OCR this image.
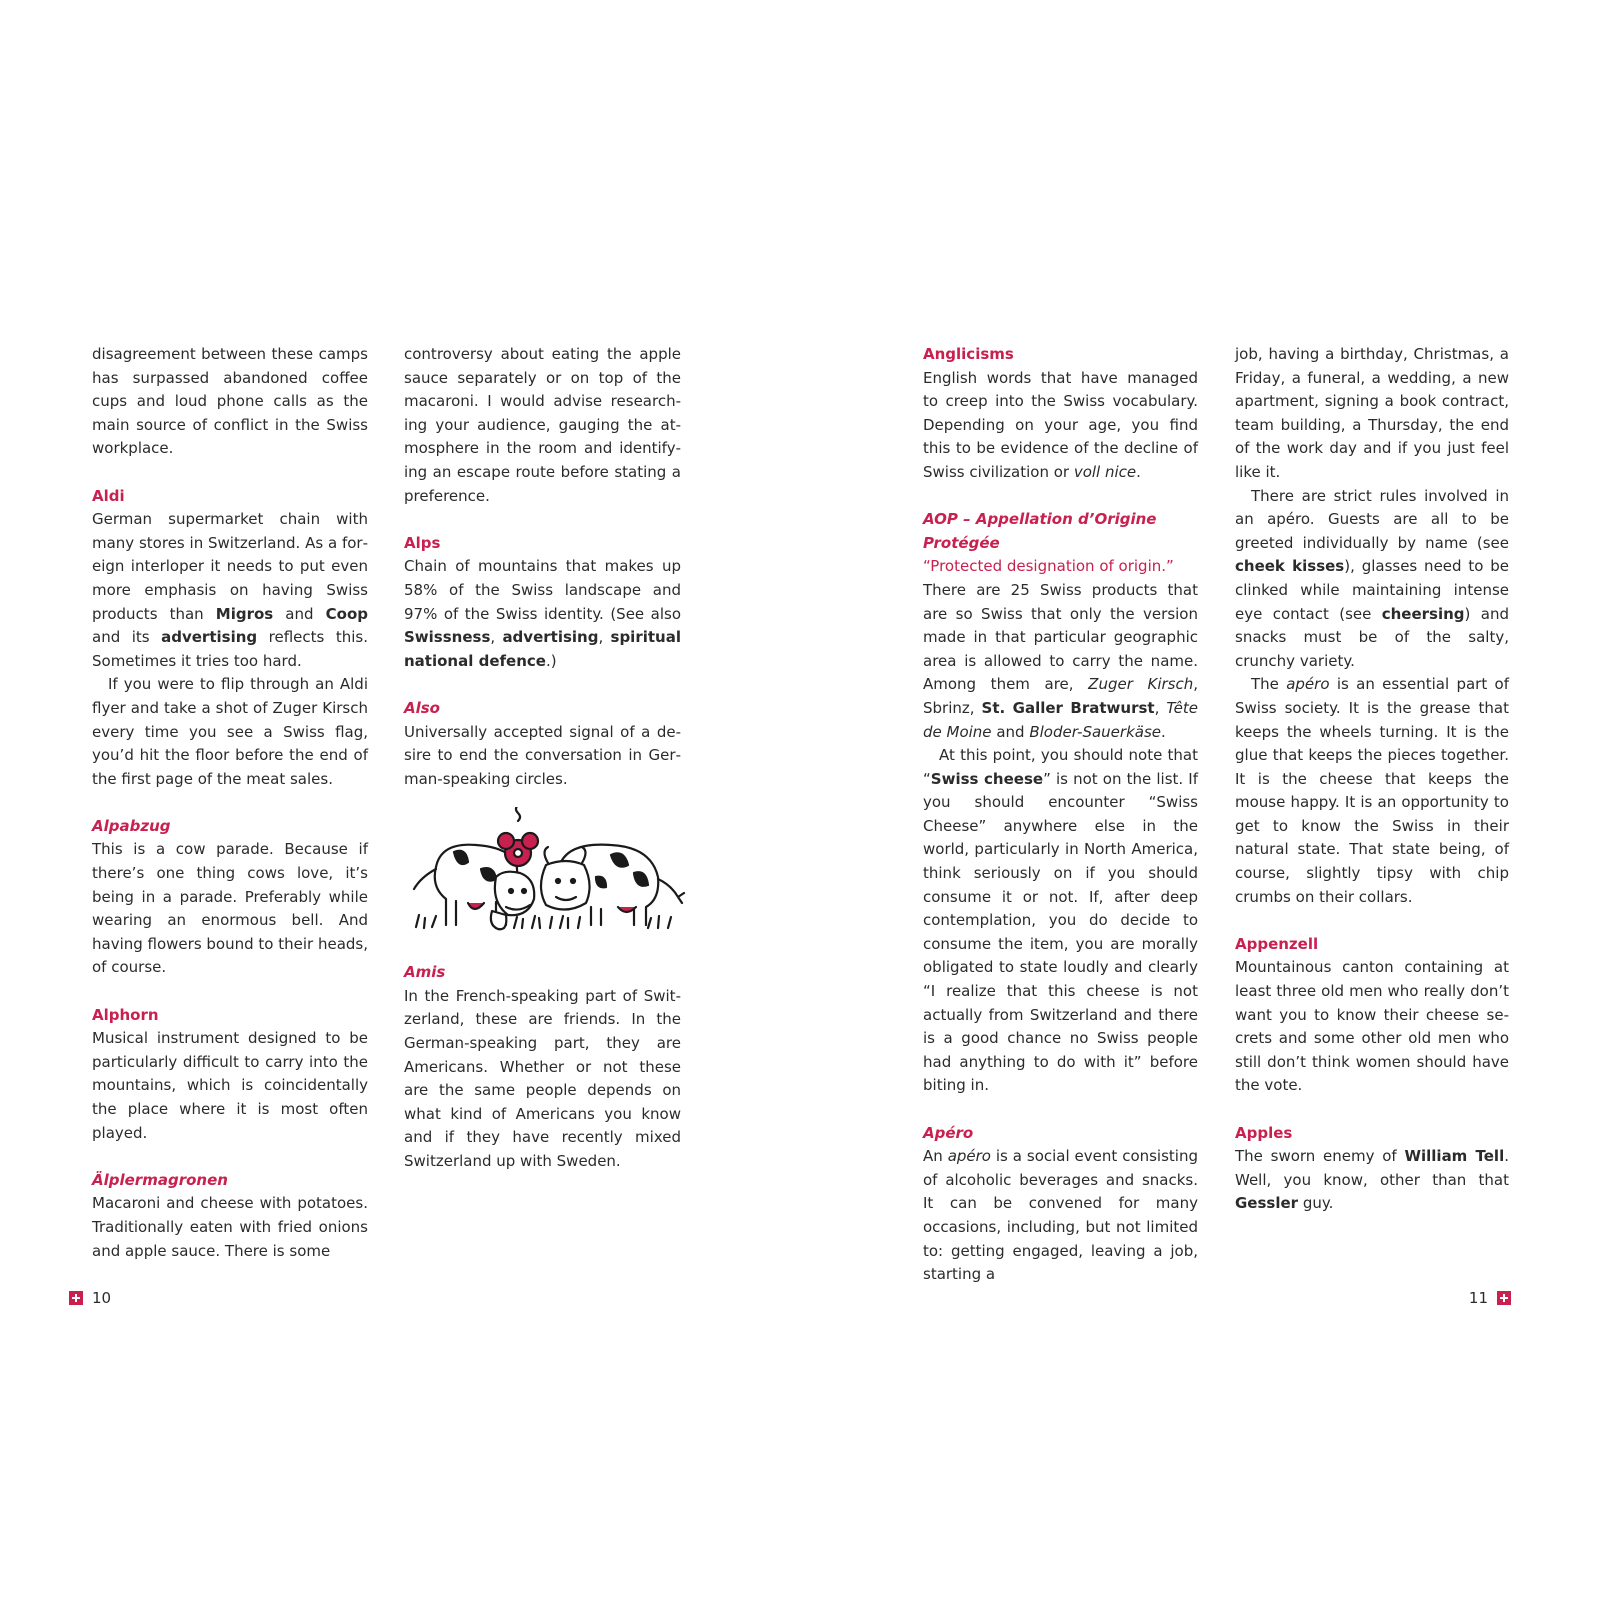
disagreement between these camps has surpassed abandoned coffee cups and loud phone calls as the main source of conflict in the Swiss workplace.

Aldi

German supermarket chain with many stores in Switzerland. As a foreign interloper it needs to put even more emphasis on having Swiss products than Migros and Coop and its advertising reflects this. Sometimes it tries too hard.

If you were to flip through an Aldi flyer and take a shot of Zuger Kirsch every time you see a Swiss flag, you’d hit the floor before the end of the first page of the meat sales.

Alpabzug

This is a cow parade. Because if there’s one thing cows love, it’s being in a parade. Preferably while wearing an enormous bell. And having flowers bound to their heads, of course.

Alphorn

Musical instrument designed to be particularly difficult to carry into the mountains, which is coincidentally the place where it is most often played.

Älplermagronen

Macaroni and cheese with potatoes. Traditionally eaten with fried onions and apple sauce. There is some

controversy about eating the apple sauce separately or on top of the macaroni. I would advise researching your audience, gauging the atmosphere in the room and identifying an escape route before stating a preference.

Alps

Chain of mountains that makes up 58% of the Swiss landscape and 97% of the Swiss identity. (See also Swissness, advertising, spiritual national defence.)

Also

Universally accepted signal of a desire to end the conversation in German-speaking circles.

Amis

In the French-speaking part of Switzerland, these are friends. In the German-speaking part, they are Americans. Whether or not these are the same people depends on what kind of Americans you know and if they have recently mixed Switzerland up with Sweden.

Anglicisms

English words that have managed to creep into the Swiss vocabulary. Depending on your age, you find this to be evidence of the decline of Swiss civilization or voll nice.

AOP – Appellation d’Origine Protégée

“Protected designation of origin.”

There are 25 Swiss products that are so Swiss that only the version made in that particular geographic area is allowed to carry the name. Among them are, Zuger Kirsch, Sbrinz, St. Galler Bratwurst, Tête de Moine and Bloder-Sauerkäse.

At this point, you should note that “Swiss cheese” is not on the list. If you should encounter “Swiss Cheese” anywhere else in the world, particularly in North America, think seriously on if you should consume it or not. If, after deep contemplation, you do decide to consume the item, you are morally obligated to state loudly and clearly “I realize that this cheese is not actually from Switzerland and there is a good chance no Swiss people had anything to do with it” before biting in.

Apéro

An apéro is a social event consisting of alcoholic beverages and snacks. It can be convened for many occasions, including, but not limited to: getting engaged, leaving a job, starting a

job, having a birthday, Christmas, a Friday, a funeral, a wedding, a new apartment, signing a book contract, team building, a Thursday, the end of the work day and if you just feel like it.

There are strict rules involved in an apéro. Guests are all to be greeted individually by name (see cheek kisses), glasses need to be clinked while maintaining intense eye contact (see cheersing) and snacks must be of the salty, crunchy variety.

The apéro is an essential part of Swiss society. It is the grease that keeps the wheels turning. It is the glue that keeps the pieces together. It is the cheese that keeps the mouse happy. It is an opportunity to get to know the Swiss in their natural state. That state being, of course, slightly tipsy with chip crumbs on their collars.

Appenzell

Mountainous canton containing at least three old men who really don’t want you to know their cheese secrets and some other old men who still don’t think women should have the vote.

Apples

The sworn enemy of William Tell. Well, you know, other than that Gessler guy.

10	11
